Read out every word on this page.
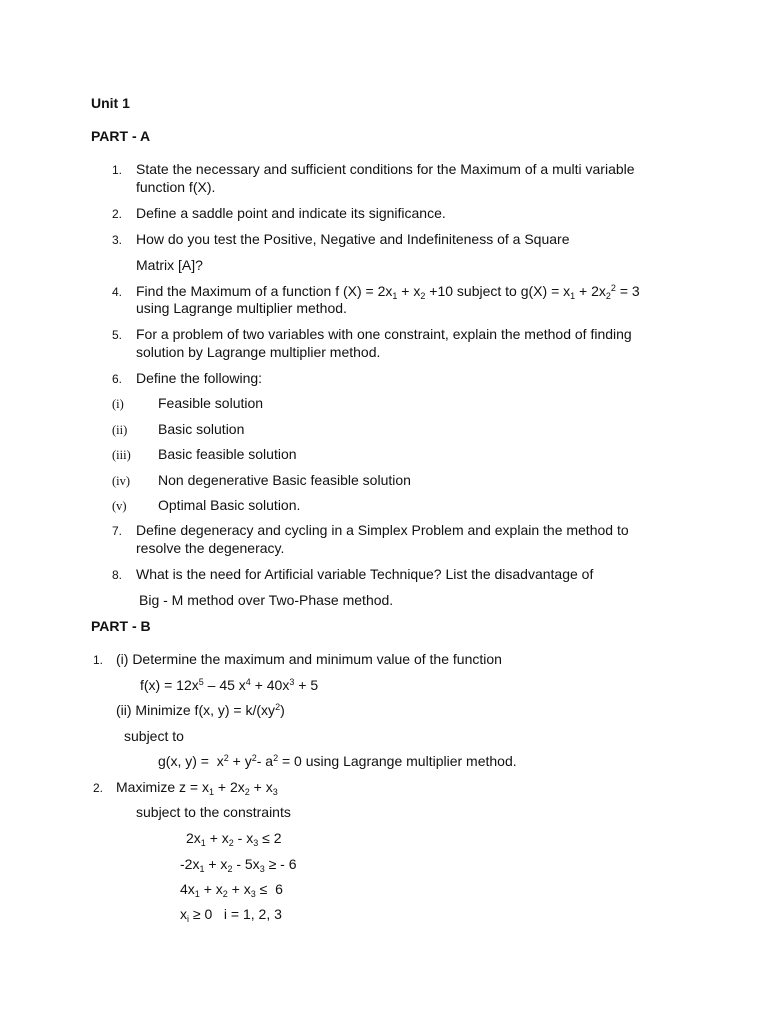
Unit 1
PART - A
1. State the necessary and sufficient conditions for the Maximum of a multi variable
function f(X).
2. Define a saddle point and indicate its significance.
3. How do you test the Positive, Negative and Indefiniteness of a Square
Matrix [A]?
4. Find the Maximum of a function f $(X) = 2x_1 + x_2 +10$ subject to $g(X) = x_1 + 2x_2^2 = 3$
using Lagrange multiplier method.
5. For a problem of two variables with one constraint, explain the method of finding
solution by Lagrange multiplier method.
6. Define the following:
(i) Feasible solution
(ii) Basic solution
(iii) Basic feasible solution
(iv) Non degenerative Basic feasible solution
(v) Optimal Basic solution.
7. Define degeneracy and cycling in a Simplex Problem and explain the method to
resolve the degeneracy.
8. What is the need for Artificial variable Technique? List the disadvantage of
Big - M method over Two-Phase method.
PART - B
1. (i) Determine the maximum and minimum value of the function
$f(x) = 12x^5 - 45$ $x^4 + 40x^3 + 5$
(ii) Minimize f(x, $y) = k/(xy^2)$
subject to
g(x, $y) = x^2 + y^2-$ $a^2 = 0$ using Lagrange multiplier method.
2. Maximize $z = x_1 + 2x_2 + x_3$
subject to the constraints
$2x_1 + x_2 - x_3 \le 2$
$-2x_1 + x_2 - 5x_3$ ≥ - 6
$4x_1 + x_2 + x_3 \le 6$
$x_i \ge 0$   i = 1, 2, 3
